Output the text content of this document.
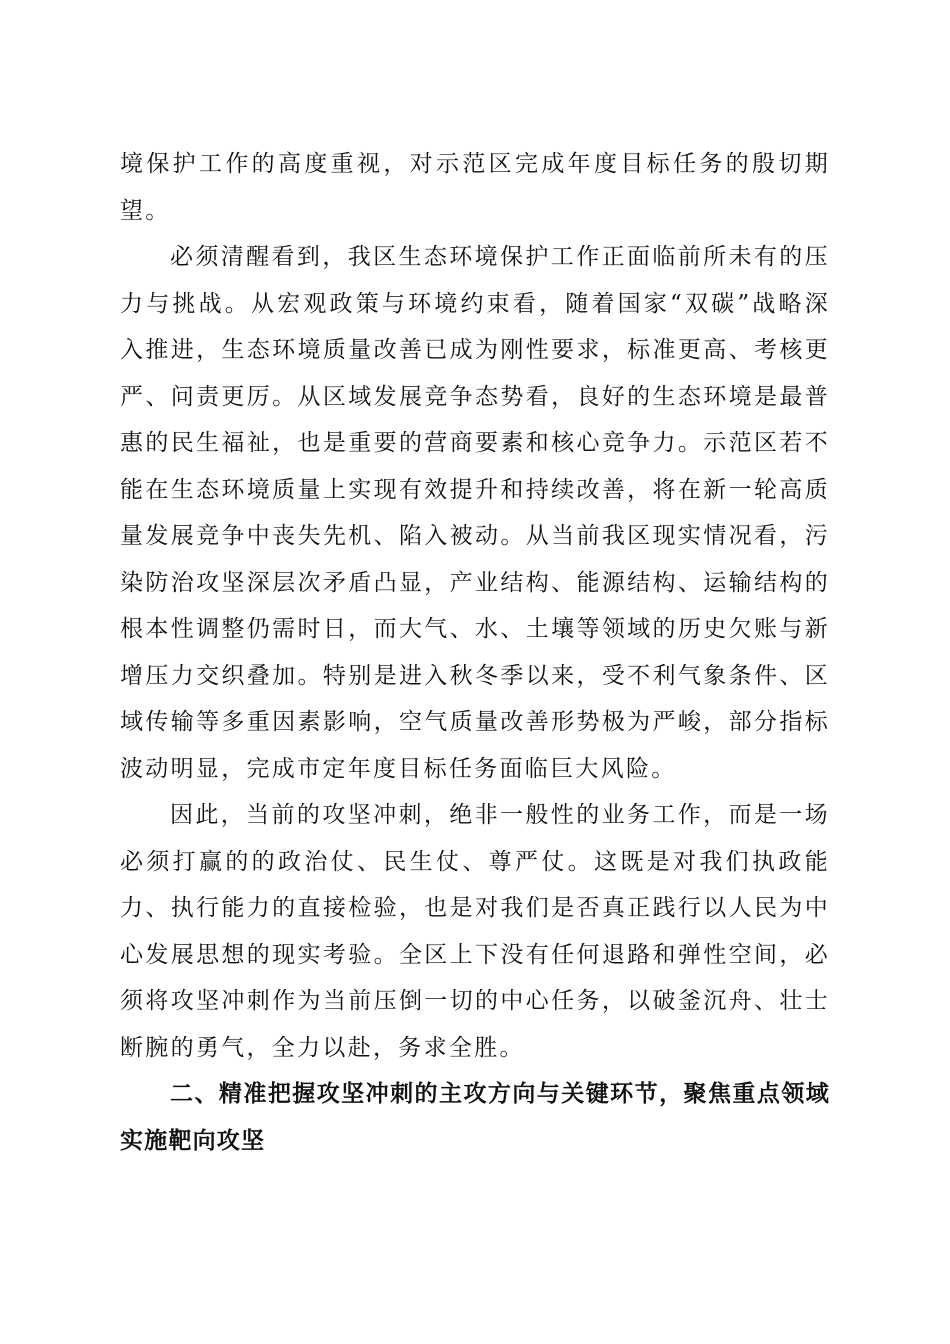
境保护工作的高度重视，对示范区完成年度目标任务的殷切期望。

必须清醒看到，我区生态环境保护工作正面临前所未有的压力与挑战。从宏观政策与环境约束看，随着国家“双碳”战略深入推进，生态环境质量改善已成为刚性要求，标准更高、考核更严、问责更厉。从区域发展竞争态势看，良好的生态环境是最普惠的民生福祉，也是重要的营商要素和核心竞争力。示范区若不能在生态环境质量上实现有效提升和持续改善，将在新一轮高质量发展竞争中丧失先机、陷入被动。从当前我区现实情况看，污染防治攻坚深层次矛盾凸显，产业结构、能源结构、运输结构的根本性调整仍需时日，而大气、水、土壤等领域的历史欠账与新增压力交织叠加。特别是进入秋冬季以来，受不利气象条件、区域传输等多重因素影响，空气质量改善形势极为严峻，部分指标波动明显，完成市定年度目标任务面临巨大风险。

因此，当前的攻坚冲刺，绝非一般性的业务工作，而是一场必须打赢的的政治仗、民生仗、尊严仗。这既是对我们执政能力、执行能力的直接检验，也是对我们是否真正践行以人民为中心发展思想的现实考验。全区上下没有任何退路和弹性空间，必须将攻坚冲刺作为当前压倒一切的中心任务，以破釜沉舟、壮士断腕的勇气，全力以赴，务求全胜。

二、精准把握攻坚冲刺的主攻方向与关键环节，聚焦重点领域实施靶向攻坚
